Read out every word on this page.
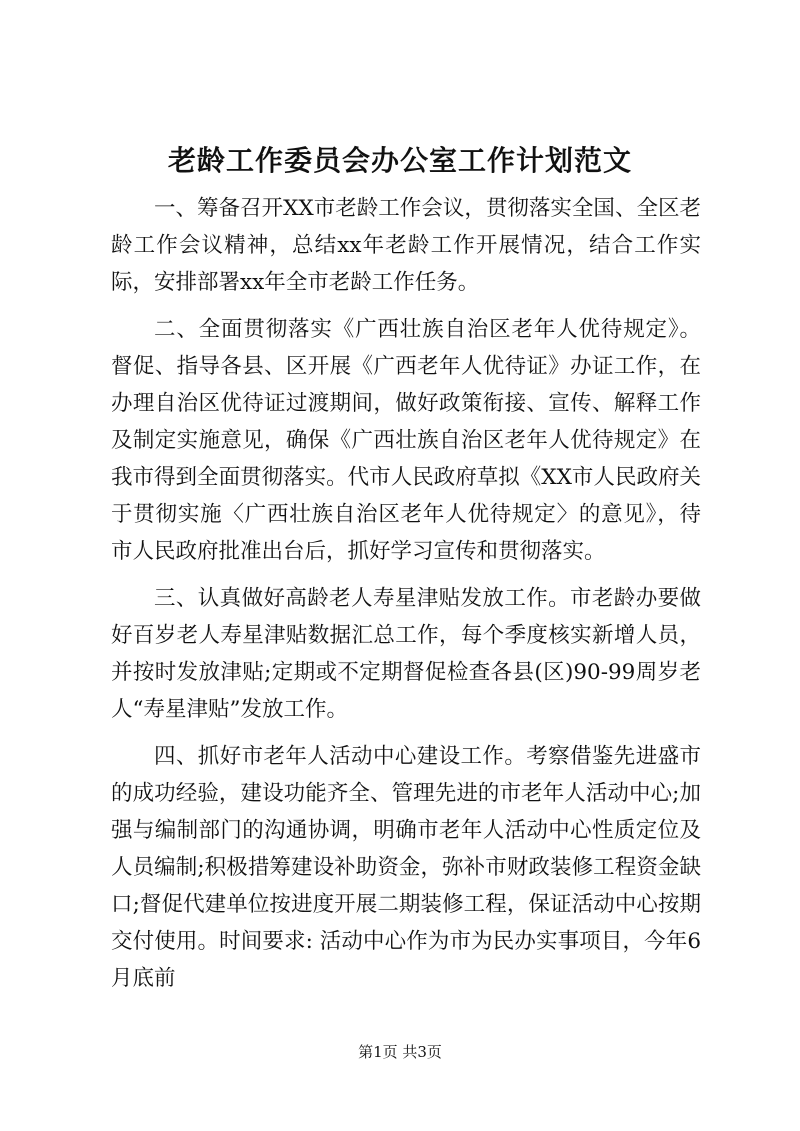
老龄工作委员会办公室工作计划范文

一、筹备召开XX市老龄工作会议，贯彻落实全国、全区老龄工作会议精神，总结xx年老龄工作开展情况，结合工作实际，安排部署xx年全市老龄工作任务。

二、全面贯彻落实《广西壮族自治区老年人优待规定》。督促、指导各县、区开展《广西老年人优待证》办证工作，在办理自治区优待证过渡期间，做好政策衔接、宣传、解释工作及制定实施意见，确保《广西壮族自治区老年人优待规定》在我市得到全面贯彻落实。代市人民政府草拟《XX市人民政府关于贯彻实施〈广西壮族自治区老年人优待规定〉的意见》，待市人民政府批准出台后，抓好学习宣传和贯彻落实。

三、认真做好高龄老人寿星津贴发放工作。市老龄办要做好百岁老人寿星津贴数据汇总工作，每个季度核实新增人员，并按时发放津贴;定期或不定期督促检查各县(区)90-99周岁老人“寿星津贴”发放工作。

四、抓好市老年人活动中心建设工作。考察借鉴先进盛市的成功经验，建设功能齐全、管理先进的市老年人活动中心;加强与编制部门的沟通协调，明确市老年人活动中心性质定位及人员编制;积极措筹建设补助资金，弥补市财政装修工程资金缺口;督促代建单位按进度开展二期装修工程，保证活动中心按期交付使用。时间要求: 活动中心作为市为民办实事项目，今年6月底前

第1页 共3页
